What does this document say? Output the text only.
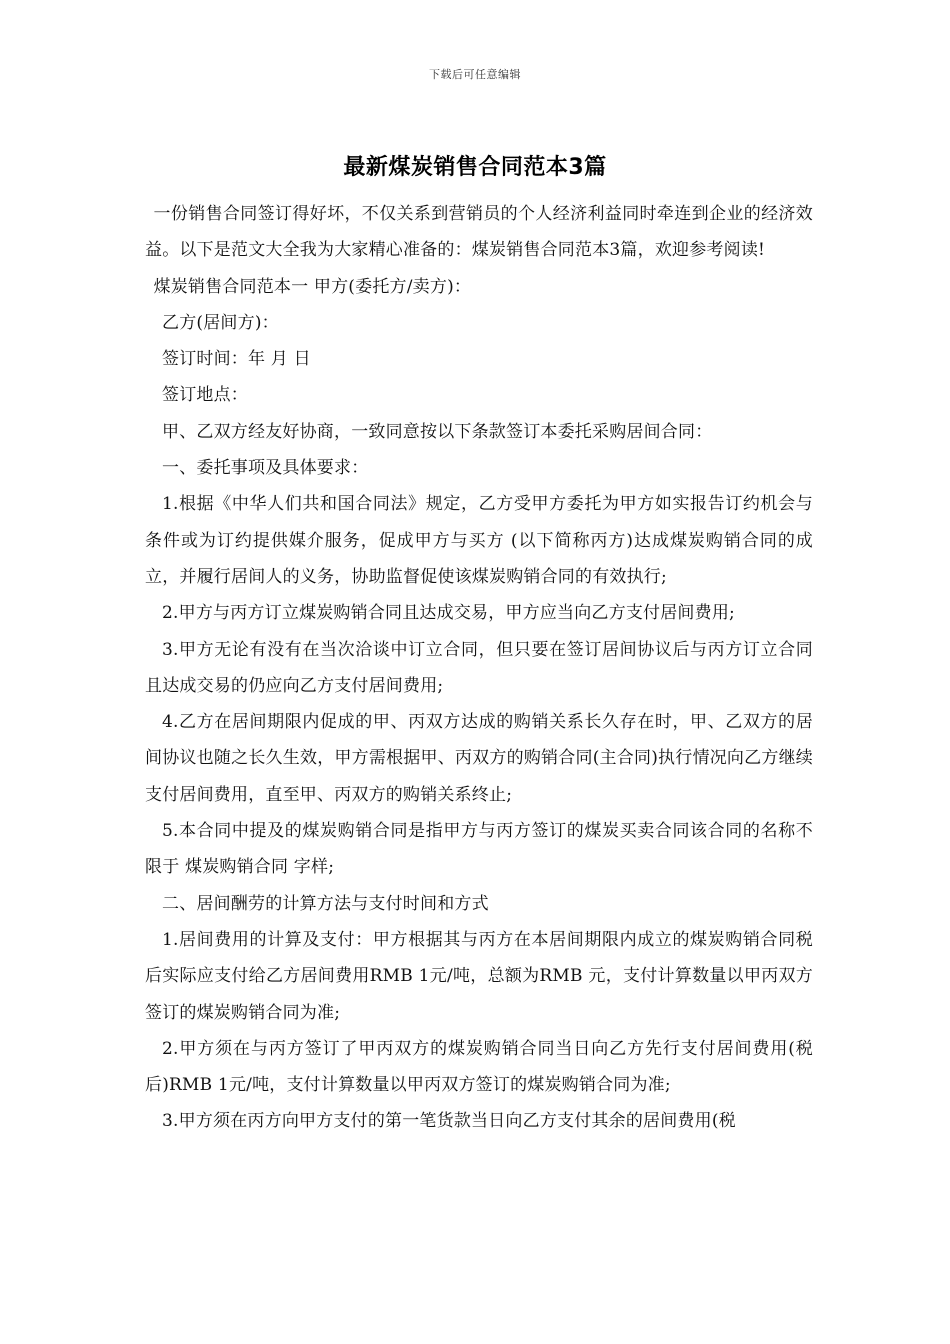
下载后可任意编辑
最新煤炭销售合同范本3篇

一份销售合同签订得好坏，不仅关系到营销员的个人经济利益同时牵连到企业的经济效益。以下是范文大全我为大家精心准备的：煤炭销售合同范本3篇，欢迎参考阅读!

煤炭销售合同范本一 甲方(委托方/卖方)：

乙方(居间方)：

签订时间：年 月 日

签订地点：

甲、乙双方经友好协商，一致同意按以下条款签订本委托采购居间合同：

一、委托事项及具体要求：

1.根据《中华人们共和国合同法》规定，乙方受甲方委托为甲方如实报告订约机会与条件或为订约提供媒介服务，促成甲方与买方 (以下简称丙方)达成煤炭购销合同的成立，并履行居间人的义务，协助监督促使该煤炭购销合同的有效执行;

2.甲方与丙方订立煤炭购销合同且达成交易，甲方应当向乙方支付居间费用;

3.甲方无论有没有在当次洽谈中订立合同，但只要在签订居间协议后与丙方订立合同且达成交易的仍应向乙方支付居间费用;

4.乙方在居间期限内促成的甲、丙双方达成的购销关系长久存在时，甲、乙双方的居间协议也随之长久生效，甲方需根据甲、丙双方的购销合同(主合同)执行情况向乙方继续支付居间费用，直至甲、丙双方的购销关系终止;

5.本合同中提及的煤炭购销合同是指甲方与丙方签订的煤炭买卖合同该合同的名称不限于 煤炭购销合同 字样;

二、居间酬劳的计算方法与支付时间和方式

1.居间费用的计算及支付：甲方根据其与丙方在本居间期限内成立的煤炭购销合同税后实际应支付给乙方居间费用RMB 1元/吨，总额为RMB 元，支付计算数量以甲丙双方签订的煤炭购销合同为准;

2.甲方须在与丙方签订了甲丙双方的煤炭购销合同当日向乙方先行支付居间费用(税后)RMB 1元/吨，支付计算数量以甲丙双方签订的煤炭购销合同为准;

3.甲方须在丙方向甲方支付的第一笔货款当日向乙方支付其余的居间费用(税
